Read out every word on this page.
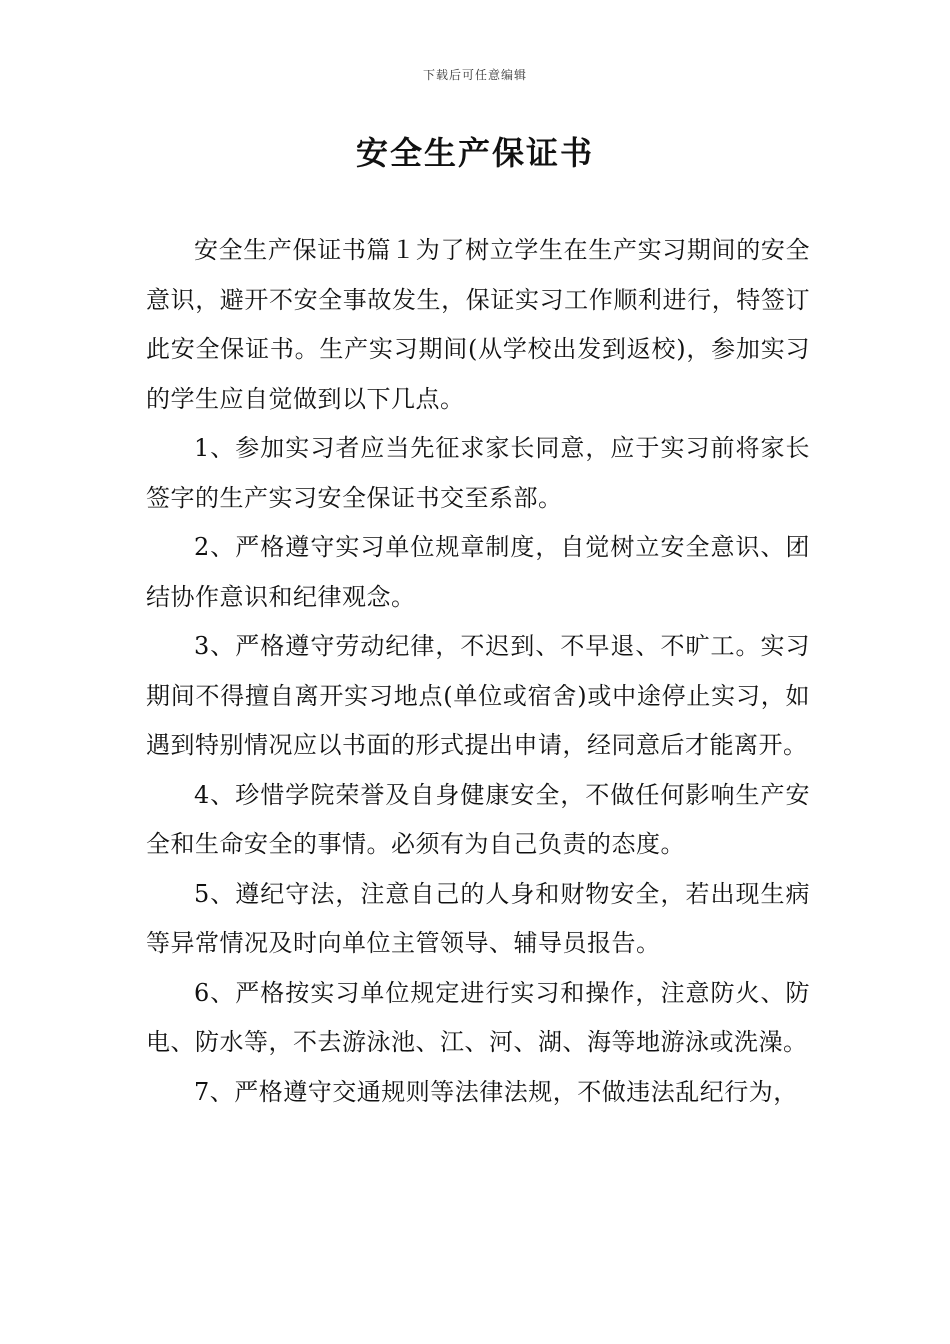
下载后可任意编辑
安全生产保证书

安全生产保证书篇１为了树立学生在生产实习期间的安全意识，避开不安全事故发生，保证实习工作顺利进行，特签订此安全保证书。生产实习期间(从学校出发到返校)，参加实习的学生应自觉做到以下几点。

1、参加实习者应当先征求家长同意，应于实习前将家长签字的生产实习安全保证书交至系部。

2、严格遵守实习单位规章制度，自觉树立安全意识、团结协作意识和纪律观念。

3、严格遵守劳动纪律，不迟到、不早退、不旷工。实习期间不得擅自离开实习地点(单位或宿舍)或中途停止实习，如遇到特别情况应以书面的形式提出申请，经同意后才能离开。

4、珍惜学院荣誉及自身健康安全，不做任何影响生产安全和生命安全的事情。必须有为自己负责的态度。

5、遵纪守法，注意自己的人身和财物安全，若出现生病等异常情况及时向单位主管领导、辅导员报告。

6、严格按实习单位规定进行实习和操作，注意防火、防电、防水等，不去游泳池、江、河、湖、海等地游泳或洗澡。

7、严格遵守交通规则等法律法规，不做违法乱纪行为，
